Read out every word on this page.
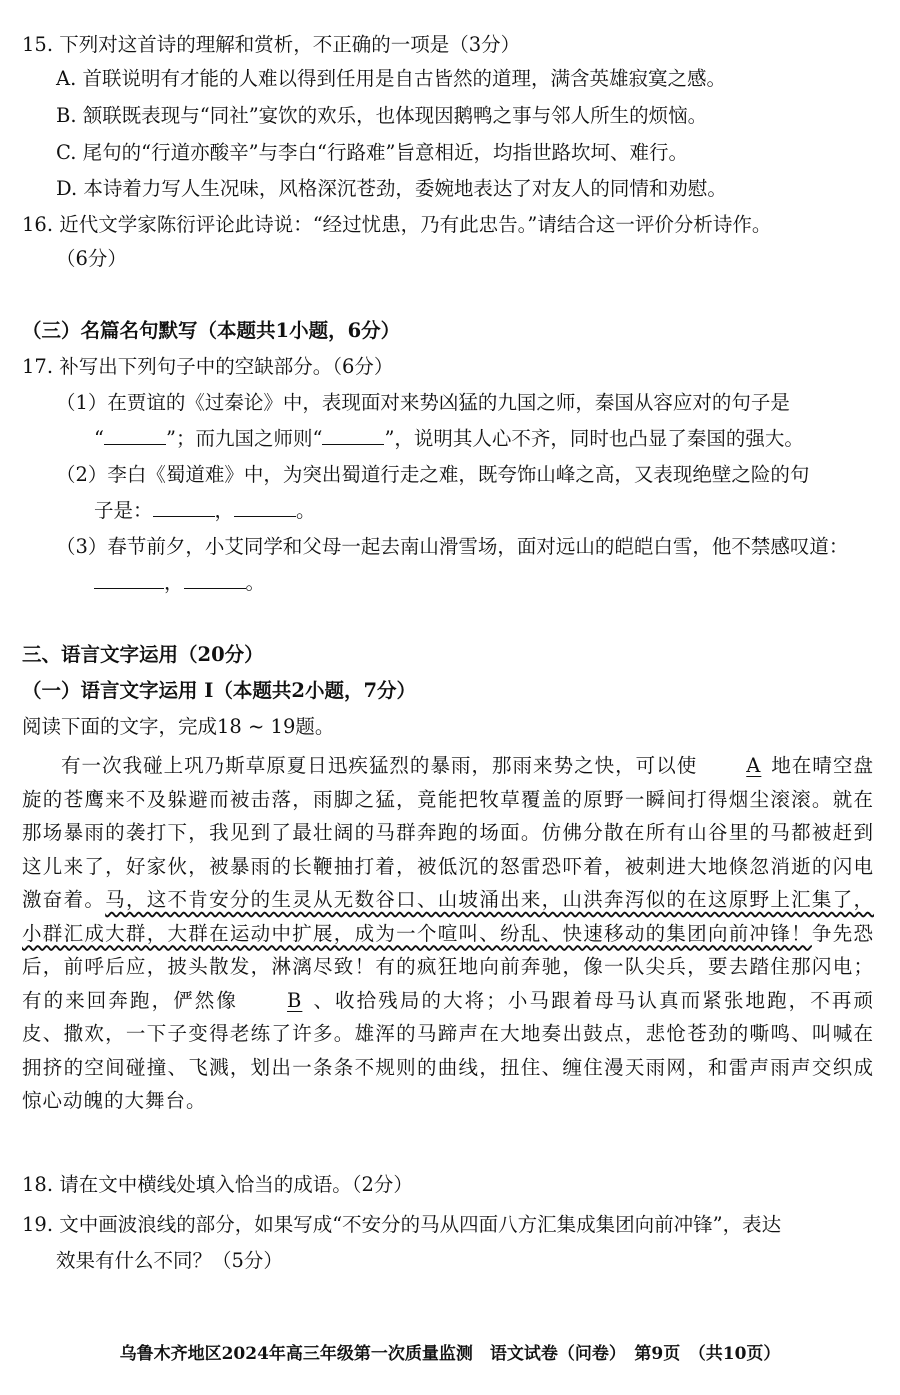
15. 下列对这首诗的理解和赏析，不正确的一项是（3分）
A. 首联说明有才能的人难以得到任用是自古皆然的道理，满含英雄寂寞之感。
B. 颔联既表现与“同社”宴饮的欢乐，也体现因鹅鸭之事与邻人所生的烦恼。
C. 尾句的“行道亦酸辛”与李白“行路难”旨意相近，均指世路坎坷、难行。
D. 本诗着力写人生况味，风格深沉苍劲，委婉地表达了对友人的同情和劝慰。
16. 近代文学家陈衍评论此诗说：“经过忧患，乃有此忠告。”请结合这一评价分析诗作。
（6分）
（三）名篇名句默写（本题共1小题，6分）
17. 补写出下列句子中的空缺部分。（6分）
（1）在贾谊的《过秦论》中，表现面对来势凶猛的九国之师，秦国从容应对的句子是
“	”；而九国之师则“	”，说明其人心不齐，同时也凸显了秦国的强大。
（2）李白《蜀道难》中，为突出蜀道行走之难，既夸饰山峰之高，又表现绝壁之险的句
子是：	，	。
（3）春节前夕，小艾同学和父母一起去南山滑雪场，面对远山的皑皑白雪，他不禁感叹道：
，	。
三、语言文字运用（20分）
（一）语言文字运用 I（本题共2小题，7分）
阅读下面的文字，完成18 ~ 19题。
有一次我碰上巩乃斯草原夏日迅疾猛烈的暴雨，那雨来势之快，可以使	A 地在晴空盘旋的苍鹰来不及躲避而被击落，雨脚之猛，竟能把牧草覆盖的原野一瞬间打得烟尘滚滚。就在那场暴雨的袭打下，我见到了最壮阔的马群奔跑的场面。仿佛分散在所有山谷里的马都被赶到这儿来了，好家伙，被暴雨的长鞭抽打着，被低沉的怒雷恐吓着，被刺进大地倏忽消逝的闪电激奋着。马，这不肯安分的生灵从无数谷口、山坡涌出来，山洪奔泻似的在这原野上汇集了，小群汇成大群，大群在运动中扩展，成为一个喧叫、纷乱、快速移动的集团向前冲锋！争先恐后，前呼后应，披头散发，淋漓尽致！有的疯狂地向前奔驰，像一队尖兵，要去踏住那闪电；有的来回奔跑，俨然像	B 、收拾残局的大将；小马跟着母马认真而紧张地跑，不再顽皮、撒欢，一下子变得老练了许多。雄浑的马蹄声在大地奏出鼓点，悲怆苍劲的嘶鸣、叫喊在拥挤的空间碰撞、飞溅，划出一条条不规则的曲线，扭住、缠住漫天雨网，和雷声雨声交织成惊心动魄的大舞台。
18. 请在文中横线处填入恰当的成语。（2分）
19. 文中画波浪线的部分，如果写成“不安分的马从四面八方汇集成集团向前冲锋”，表达
效果有什么不同？（5分）
乌鲁木齐地区2024年高三年级第一次质量监测　语文试卷（问卷）　第9页　（共10页）
